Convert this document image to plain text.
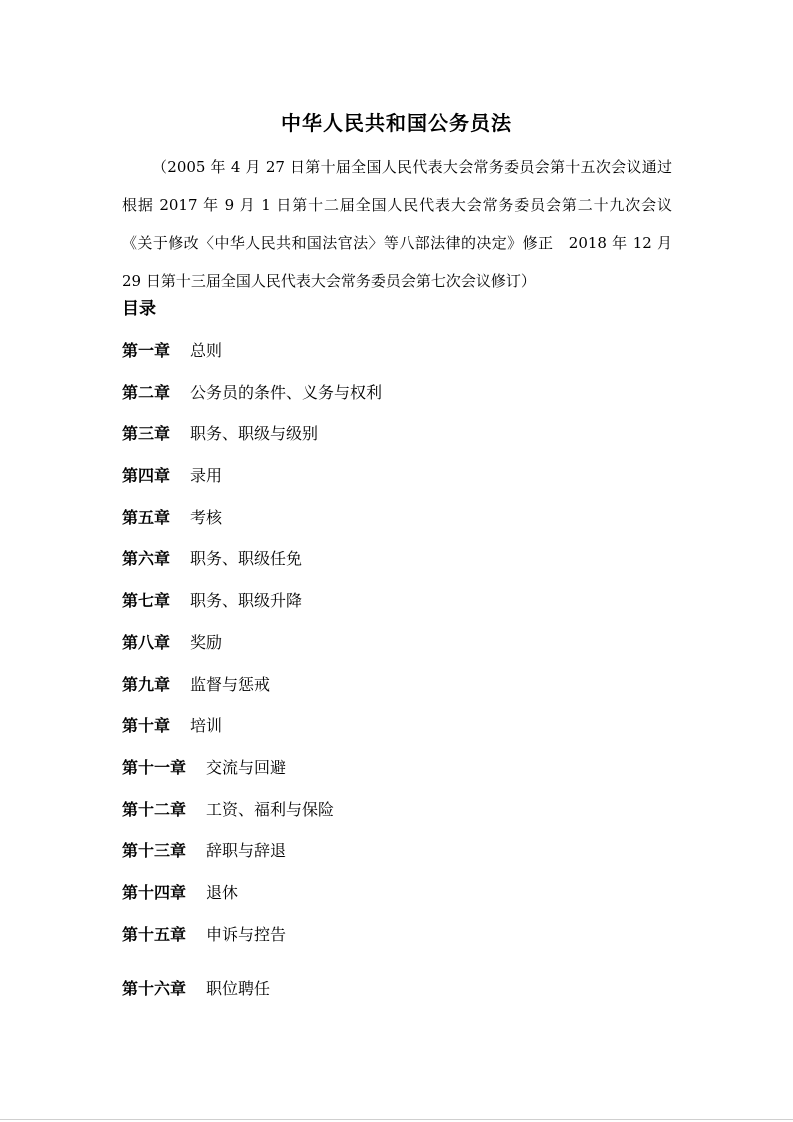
中华人民共和国公务员法
（2005 年 4 月 27 日第十届全国人民代表大会常务委员会第十五次会议通过　根据 2017 年 9 月 1 日第十二届全国人民代表大会常务委员会第二十九次会议《关于修改〈中华人民共和国法官法〉等八部法律的决定》修正　2018 年 12 月 29 日第十三届全国人民代表大会常务委员会第七次会议修订）
目录
第一章 总则
第二章 公务员的条件、义务与权利
第三章 职务、职级与级别
第四章 录用
第五章 考核
第六章 职务、职级任免
第七章 职务、职级升降
第八章 奖励
第九章 监督与惩戒
第十章 培训
第十一章 交流与回避
第十二章 工资、福利与保险
第十三章 辞职与辞退
第十四章 退休
第十五章 申诉与控告
第十六章 职位聘任
